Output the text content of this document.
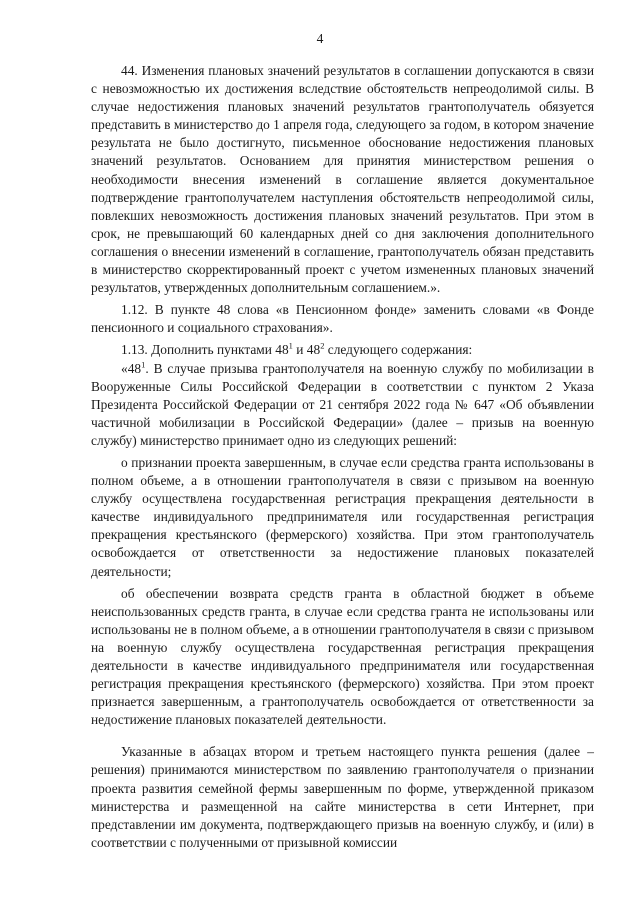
4

44. Изменения плановых значений результатов в соглашении допускаются в связи с невозможностью их достижения вследствие обстоятельств непреодолимой силы. В случае недостижения плановых значений результатов грантополучатель обязуется представить в министерство до 1 апреля года, следующего за годом, в котором значение результата не было достигнуто, письменное обоснование недостижения плановых значений результатов. Основанием для принятия министерством решения о необходимости внесения изменений в соглашение является документальное подтверждение грантополучателем наступления обстоятельств непреодолимой силы, повлекших невозможность достижения плановых значений результатов. При этом в срок, не превышающий 60 календарных дней со дня заключения дополнительного соглашения о внесении изменений в соглашение, грантополучатель обязан представить в министерство скорректированный проект с учетом измененных плановых значений результатов, утвержденных дополнительным соглашением.».

1.12. В пункте 48 слова «в Пенсионном фонде» заменить словами «в Фонде пенсионного и социального страхования».

1.13. Дополнить пунктами $48^1$ и $48^2$ следующего содержания:

«$48^1$. В случае призыва грантополучателя на военную службу по мобилизации в Вооруженные Силы Российской Федерации в соответствии с пунктом 2 Указа Президента Российской Федерации от 21 сентября 2022 года № 647 «Об объявлении частичной мобилизации в Российской Федерации» (далее – призыв на военную службу) министерство принимает одно из следующих решений:

о признании проекта завершенным, в случае если средства гранта использованы в полном объеме, а в отношении грантополучателя в связи с призывом на военную службу осуществлена государственная регистрация прекращения деятельности в качестве индивидуального предпринимателя или государственная регистрация прекращения крестьянского (фермерского) хозяйства. При этом грантополучатель освобождается от ответственности за недостижение плановых показателей деятельности;

об обеспечении возврата средств гранта в областной бюджет в объеме неиспользованных средств гранта, в случае если средства гранта не использованы или использованы не в полном объеме, а в отношении грантополучателя в связи с призывом на военную службу осуществлена государственная регистрация прекращения деятельности в качестве индивидуального предпринимателя или государственная регистрация прекращения крестьянского (фермерского) хозяйства. При этом проект признается завершенным, а грантополучатель освобождается от ответственности за недостижение плановых показателей деятельности.

Указанные в абзацах втором и третьем настоящего пункта решения (далее – решения) принимаются министерством по заявлению грантополучателя о признании проекта развития семейной фермы завершенным по форме, утвержденной приказом министерства и размещенной на сайте министерства в сети Интернет, при представлении им документа, подтверждающего призыв на военную службу, и (или) в соответствии с полученными от призывной комиссии
